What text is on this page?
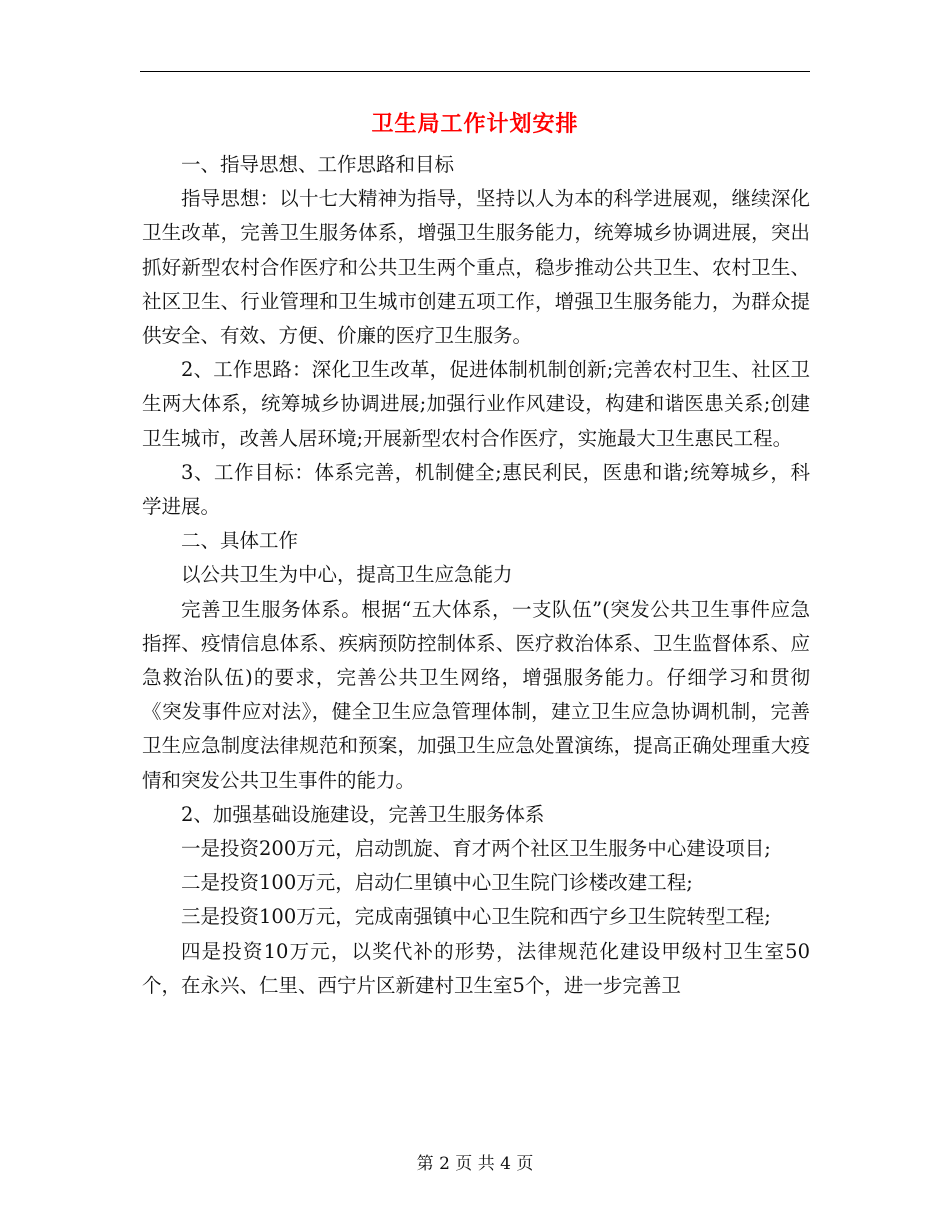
卫生局工作计划安排

一、指导思想、工作思路和目标

指导思想：以十七大精神为指导，坚持以人为本的科学进展观，继续深化卫生改革，完善卫生服务体系，增强卫生服务能力，统筹城乡协调进展，突出抓好新型农村合作医疗和公共卫生两个重点，稳步推动公共卫生、农村卫生、社区卫生、行业管理和卫生城市创建五项工作，增强卫生服务能力，为群众提供安全、有效、方便、价廉的医疗卫生服务。

2、工作思路：深化卫生改革，促进体制机制创新;完善农村卫生、社区卫生两大体系，统筹城乡协调进展;加强行业作风建设，构建和谐医患关系;创建卫生城市，改善人居环境;开展新型农村合作医疗，实施最大卫生惠民工程。

3、工作目标：体系完善，机制健全;惠民利民，医患和谐;统筹城乡，科学进展。

二、具体工作

以公共卫生为中心，提高卫生应急能力

完善卫生服务体系。根据“五大体系，一支队伍”(突发公共卫生事件应急指挥、疫情信息体系、疾病预防控制体系、医疗救治体系、卫生监督体系、应急救治队伍)的要求，完善公共卫生网络，增强服务能力。仔细学习和贯彻《突发事件应对法》，健全卫生应急管理体制，建立卫生应急协调机制，完善卫生应急制度法律规范和预案，加强卫生应急处置演练，提高正确处理重大疫情和突发公共卫生事件的能力。

2、加强基础设施建设，完善卫生服务体系

一是投资200万元，启动凯旋、育才两个社区卫生服务中心建设项目;

二是投资100万元，启动仁里镇中心卫生院门诊楼改建工程;

三是投资100万元，完成南强镇中心卫生院和西宁乡卫生院转型工程;

四是投资10万元，以奖代补的形势，法律规范化建设甲级村卫生室50个，在永兴、仁里、西宁片区新建村卫生室5个，进一步完善卫

第 2 页 共 4 页
